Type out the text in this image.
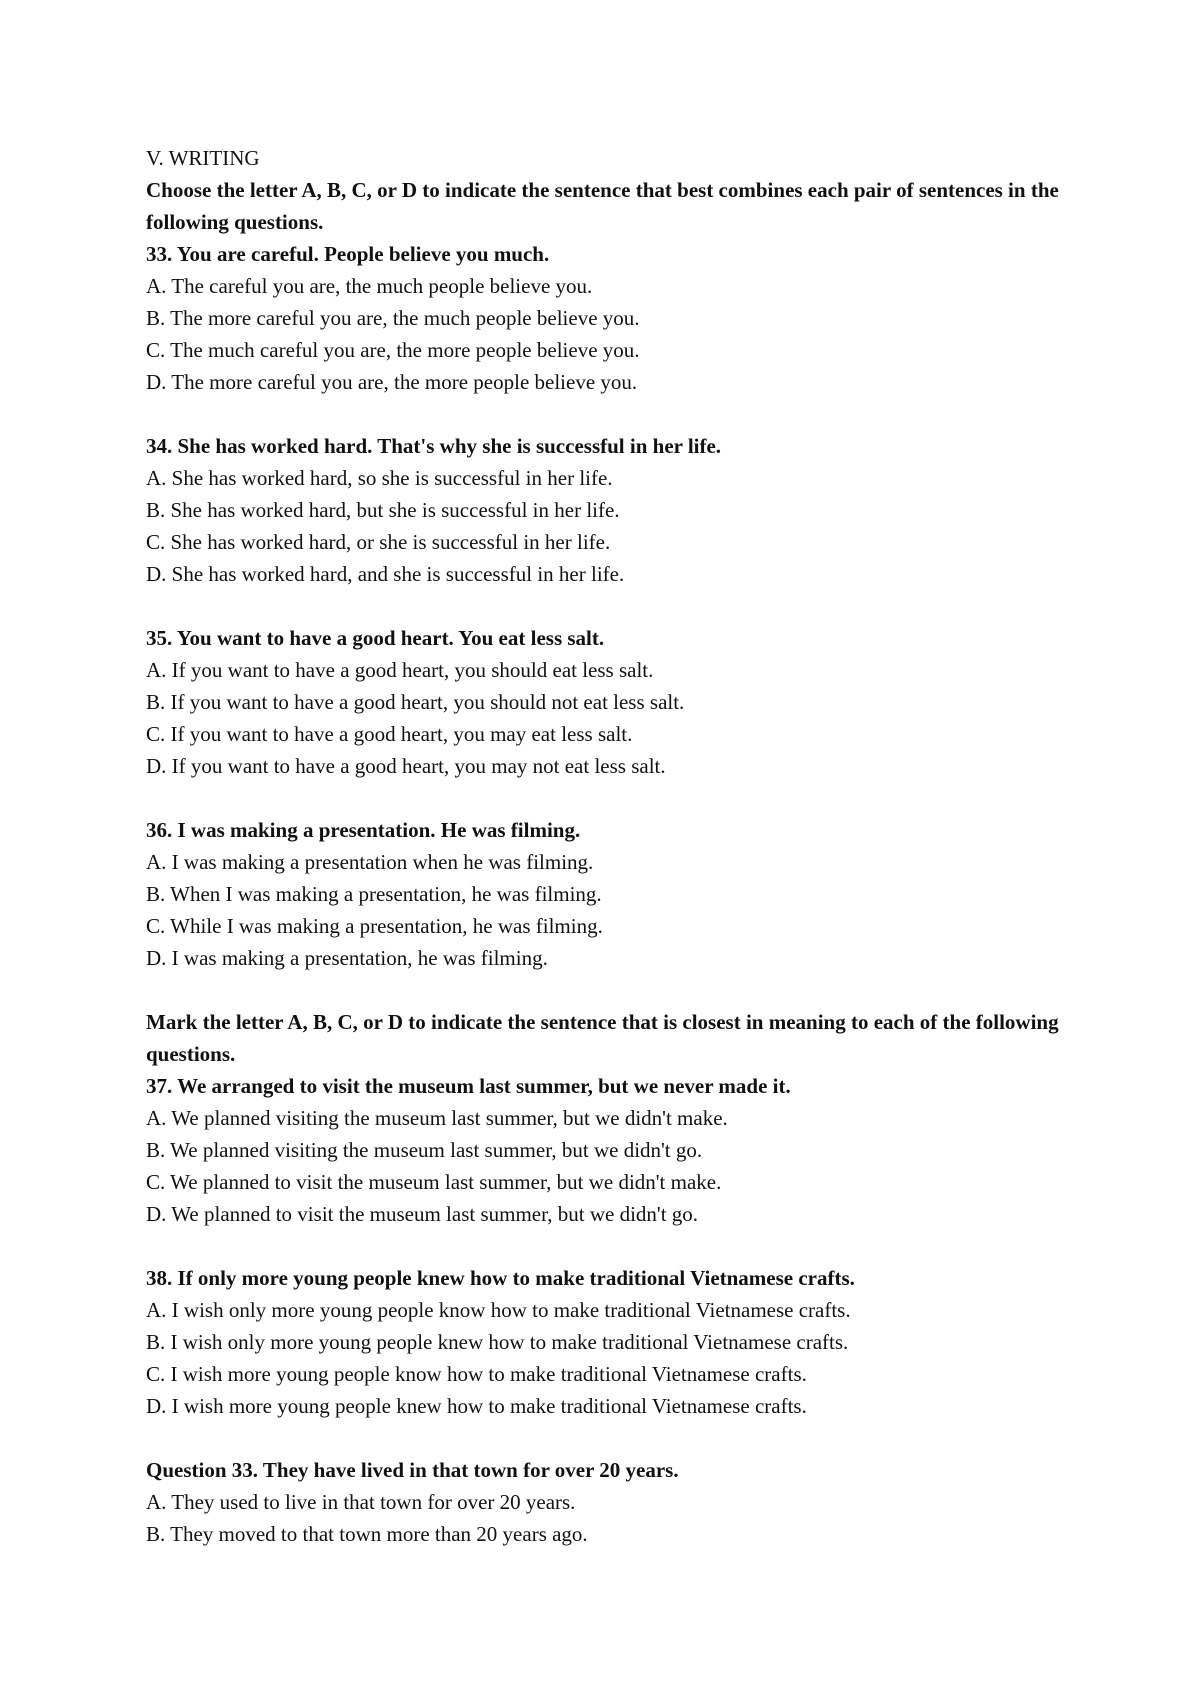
V. WRITING

Choose the letter A, B, C, or D to indicate the sentence that best combines each pair of sentences in the following questions.

33. You are careful. People believe you much.

A. The careful you are, the much people believe you.

B. The more careful you are, the much people believe you.

C. The much careful you are, the more people believe you.

D. The more careful you are, the more people believe you.

34. She has worked hard. That's why she is successful in her life.

A. She has worked hard, so she is successful in her life.

B. She has worked hard, but she is successful in her life.

C. She has worked hard, or she is successful in her life.

D. She has worked hard, and she is successful in her life.

35. You want to have a good heart. You eat less salt.

A. If you want to have a good heart, you should eat less salt.

B. If you want to have a good heart, you should not eat less salt.

C. If you want to have a good heart, you may eat less salt.

D. If you want to have a good heart, you may not eat less salt.

36. I was making a presentation. He was filming.

A. I was making a presentation when he was filming.

B. When I was making a presentation, he was filming.

C. While I was making a presentation, he was filming.

D. I was making a presentation, he was filming.

Mark the letter A, B, C, or D to indicate the sentence that is closest in meaning to each of the following questions.

37. We arranged to visit the museum last summer, but we never made it.

A. We planned visiting the museum last summer, but we didn't make.

B. We planned visiting the museum last summer, but we didn't go.

C. We planned to visit the museum last summer, but we didn't make.

D. We planned to visit the museum last summer, but we didn't go.

38. If only more young people knew how to make traditional Vietnamese crafts.

A. I wish only more young people know how to make traditional Vietnamese crafts.

B. I wish only more young people knew how to make traditional Vietnamese crafts.

C. I wish more young people know how to make traditional Vietnamese crafts.

D. I wish more young people knew how to make traditional Vietnamese crafts.

Question 33. They have lived in that town for over 20 years.

A. They used to live in that town for over 20 years.

B. They moved to that town more than 20 years ago.
